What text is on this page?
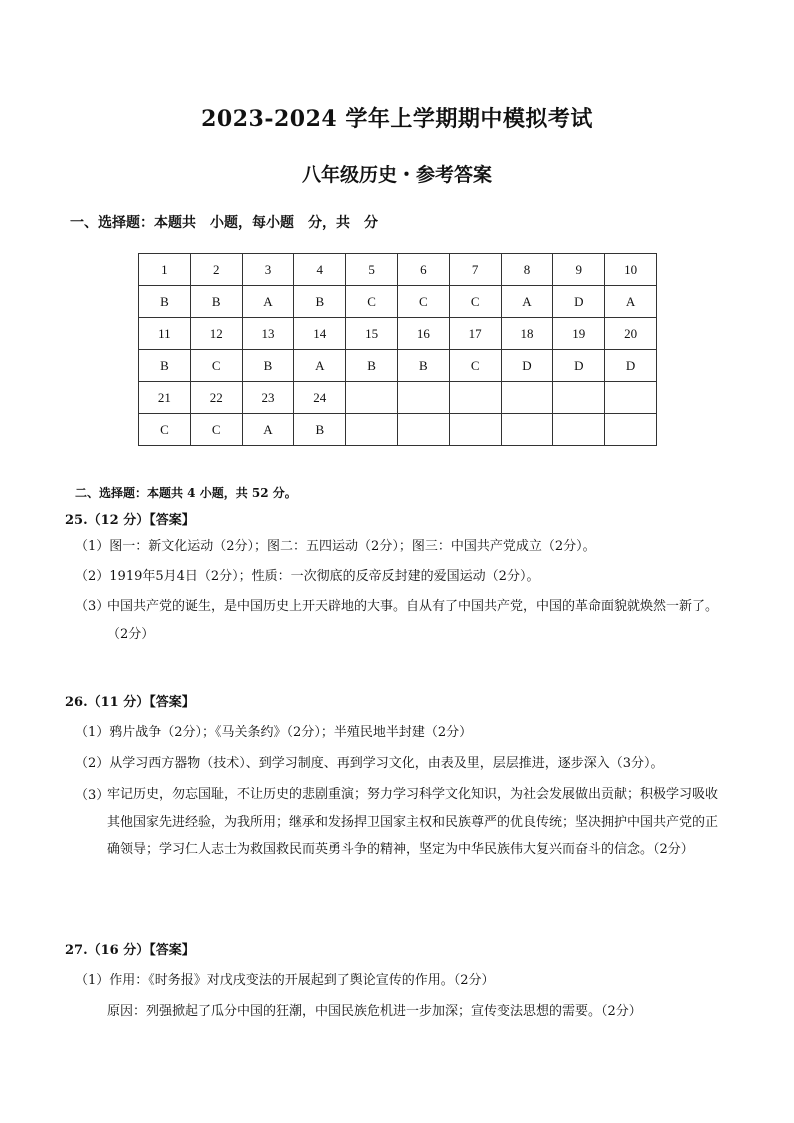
2023-2024 学年上学期期中模拟考试
八年级历史・参考答案
一、选择题：本题共　小题，每小题　分，共　分
1	2	3	4	5	6	7	8	9	10
B	B	A	B	C	C	C	A	D	A
11	12	13	14	15	16	17	18	19	20
B	C	B	A	B	B	C	D	D	D
21	22	23	24						
C	C	A	B						
二、选择题：本题共 4 小题，共 52 分。
25.（12 分）【答案】
（1）图一：新文化运动（2分）；图二：五四运动（2分）；图三：中国共产党成立（2分）。
（2）1919年5月4日（2分）；性质：一次彻底的反帝反封建的爱国运动（2分）。
（3）
中国共产党的诞生，是中国历史上开天辟地的大事。自从有了中国共产党，中国的革命面貌就焕然一新了。（2分）
26.（11 分）【答案】
（1）鸦片战争（2分）；《马关条约》（2分）；半殖民地半封建（2分）
（2）从学习西方器物（技术）、到学习制度、再到学习文化，由表及里，层层推进，逐步深入（3分）。
（3）
牢记历史，勿忘国耻，不让历史的悲剧重演；努力学习科学文化知识，为社会发展做出贡献；积极学习吸收其他国家先进经验，为我所用；继承和发扬捍卫国家主权和民族尊严的优良传统；坚决拥护中国共产党的正确领导；学习仁人志士为救国救民而英勇斗争的精神，坚定为中华民族伟大复兴而奋斗的信念。（2分）
27.（16 分）【答案】
（1）作用：《时务报》对戊戌变法的开展起到了舆论宣传的作用。（2分）
原因：列强掀起了瓜分中国的狂潮，中国民族危机进一步加深；宣传变法思想的需要。（2分）
